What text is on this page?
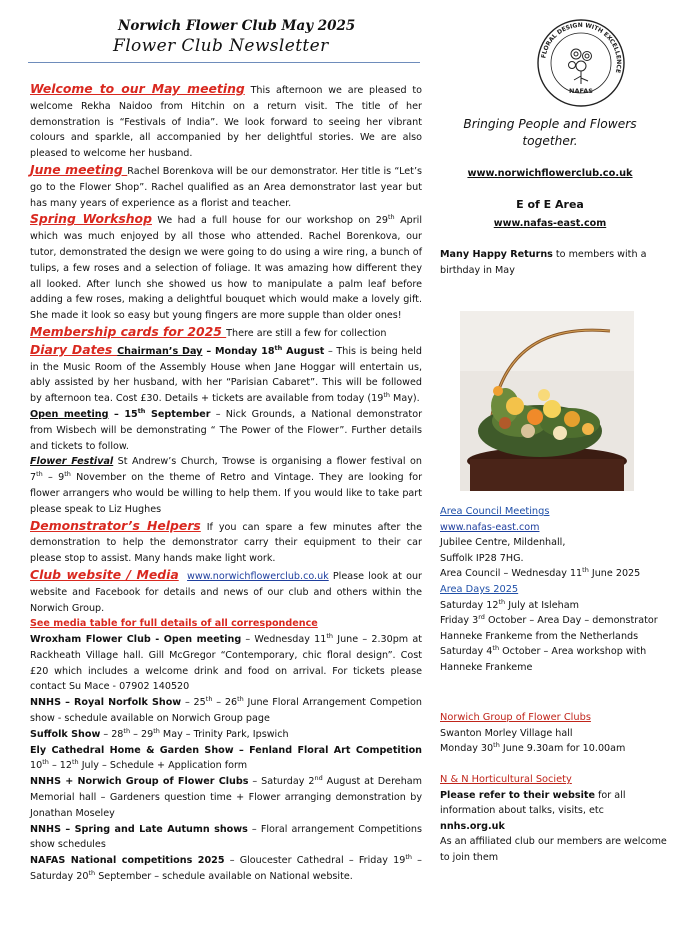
Norwich Flower Club May 2025
Flower Club Newsletter
FLORAL DESIGN WITH EXCELLENCE
NAFAS

Welcome to our May meeting This afternoon we are pleased to welcome Rekha Naidoo from Hitchin on a return visit. The title of her demonstration is “Festivals of India”. We look forward to seeing her vibrant colours and sparkle, all accompanied by her delightful stories. We are also pleased to welcome her husband.

June meeting Rachel Borenkova will be our demonstrator. Her title is “Let’s go to the Flower Shop”. Rachel qualified as an Area demonstrator last year but has many years of experience as a florist and teacher.

Spring Workshop We had a full house for our workshop on 29th April which was much enjoyed by all those who attended. Rachel Borenkova, our tutor, demonstrated the design we were going to do using a wire ring, a bunch of tulips, a few roses and a selection of foliage. It was amazing how different they all looked. After lunch she showed us how to manipulate a palm leaf before adding a few roses, making a delightful bouquet which would make a lovely gift. She made it look so easy but young fingers are more supple than older ones!

Membership cards for 2025 There are still a few for collection

Diary Dates Chairman’s Day – Monday 18th August – This is being held in the Music Room of the Assembly House when Jane Hoggar will entertain us, ably assisted by her husband, with her “Parisian Cabaret”. This will be followed by afternoon tea. Cost £30. Details + tickets are available from today (19th May).

Open meeting – 15th September – Nick Grounds, a National demonstrator from Wisbech will be demonstrating “ The Power of the Flower”. Further details and tickets to follow.

Flower Festival St Andrew’s Church, Trowse is organising a flower festival on 7th – 9th November on the theme of Retro and Vintage. They are looking for flower arrangers who would be willing to help them. If you would like to take part please speak to Liz Hughes

Demonstrator’s Helpers If you can spare a few minutes after the demonstration to help the demonstrator carry their equipment to their car please stop to assist. Many hands make light work.

Club website / Media www.norwichflowerclub.co.uk Please look at our website and Facebook for details and news of our club and others within the Norwich Group.

See media table for full details of all correspondence

Wroxham Flower Club - Open meeting – Wednesday 11th June – 2.30pm at Rackheath Village hall. Gill McGregor “Contemporary, chic floral design”. Cost £20 which includes a welcome drink and food on arrival. For tickets please contact Su Mace - 07902 140520

NNHS – Royal Norfolk Show – 25th – 26th June Floral Arrangement Competion show - schedule available on Norwich Group page

Suffolk Show – 28th – 29th May – Trinity Park, Ipswich

Ely Cathedral Home & Garden Show – Fenland Floral Art Competition 10th – 12th July – Schedule + Application form

NNHS + Norwich Group of Flower Clubs – Saturday 2nd August at Dereham Memorial hall – Gardeners question time + Flower arranging demonstration by Jonathan Moseley

NNHS – Spring and Late Autumn shows – Floral arrangement Competitions show schedules

NAFAS National competitions 2025 – Gloucester Cathedral – Friday 19th – Saturday 20th September – schedule available on National website.

Bringing People and Flowers
together.
www.norwichflowerclub.co.uk
E of E Area
www.nafas-east.com
Many Happy Returns to members with a birthday in May

Area Council Meetings

www.nafas-east.com

Jubilee Centre, Mildenhall,

Suffolk IP28 7HG.

Area Council – Wednesday 11th June 2025

Area Days 2025

Saturday 12th July at Isleham

Friday 3rd October – Area Day – demonstrator Hanneke Frankeme from the Netherlands

Saturday 4th October – Area workshop with Hanneke Frankeme

Norwich Group of Flower Clubs

Swanton Morley Village hall

Monday 30th June 9.30am for 10.00am

N & N Horticultural Society

Please refer to their website for all information about talks, visits, etc

nnhs.org.uk

As an affiliated club our members are welcome to join them
